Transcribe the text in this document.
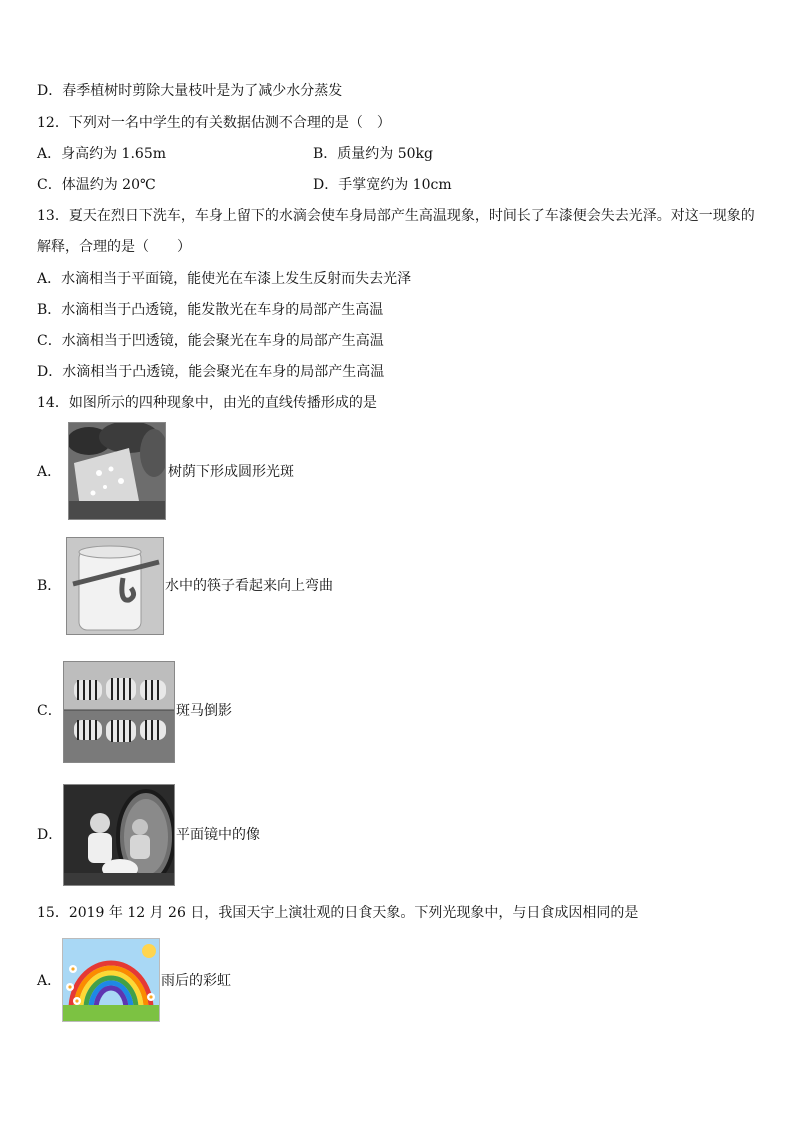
D．春季植树时剪除大量枝叶是为了减少水分蒸发
12．下列对一名中学生的有关数据估测不合理的是（　）
A．身高约为 1.65m	B．质量约为 50kg
C．体温约为 20℃	D．手掌宽约为 10cm
13．夏天在烈日下洗车，车身上留下的水滴会使车身局部产生高温现象，时间长了车漆便会失去光泽。对这一现象的
解释，合理的是（　　）
A．水滴相当于平面镜，能使光在车漆上发生反射而失去光泽
B．水滴相当于凸透镜，能发散光在车身的局部产生高温
C．水滴相当于凹透镜，能会聚光在车身的局部产生高温
D．水滴相当于凸透镜，能会聚光在车身的局部产生高温
14．如图所示的四种现象中，由光的直线传播形成的是
A．	树荫下形成圆形光斑
B．	水中的筷子看起来向上弯曲
C．	斑马倒影
D．	平面镜中的像
15．2019 年 12 月 26 日，我国天宇上演壮观的日食天象。下列光现象中，与日食成因相同的是
A．	雨后的彩虹
